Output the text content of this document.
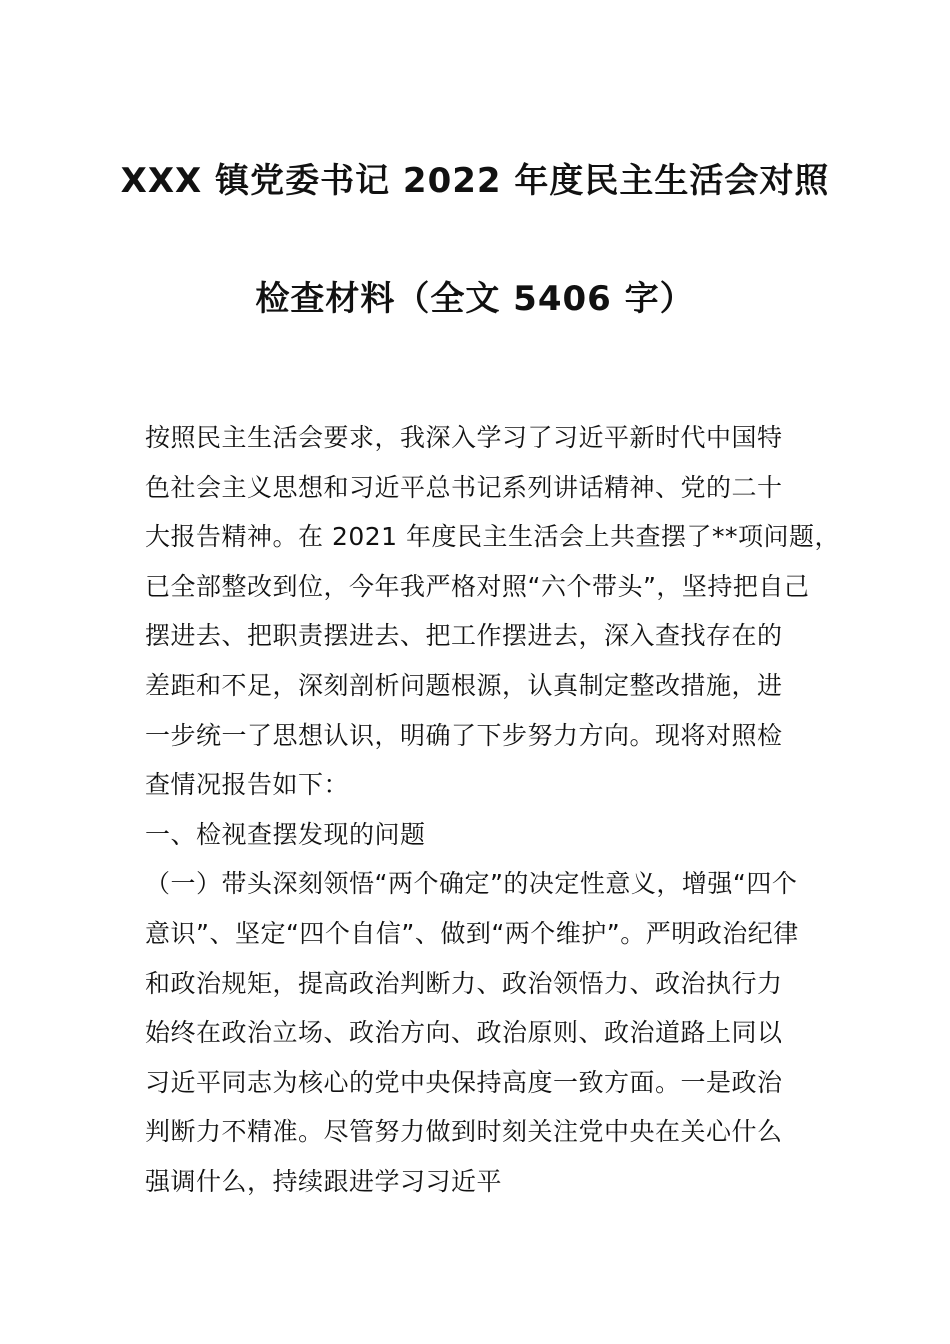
XXX 镇党委书记 2022 年度民主生活会对照
检查材料（全文 5406 字）
按照民主生活会要求，我深入学习了习近平新时代中国特
色社会主义思想和习近平总书记系列讲话精神、党的二十
大报告精神。在 2021 年度民主生活会上共查摆了**项问题，
已全部整改到位，今年我严格对照“六个带头”，坚持把自己
摆进去、把职责摆进去、把工作摆进去，深入查找存在的
差距和不足，深刻剖析问题根源，认真制定整改措施，进
一步统一了思想认识，明确了下步努力方向。现将对照检
查情况报告如下：
一、检视查摆发现的问题
（一）带头深刻领悟“两个确定”的决定性意义，增强“四个
意识”、坚定“四个自信”、做到“两个维护”。严明政治纪律
和政治规矩，提高政治判断力、政治领悟力、政治执行力
始终在政治立场、政治方向、政治原则、政治道路上同以
习近平同志为核心的党中央保持高度一致方面。一是政治
判断力不精准。尽管努力做到时刻关注党中央在关心什么
强调什么，持续跟进学习习近平
